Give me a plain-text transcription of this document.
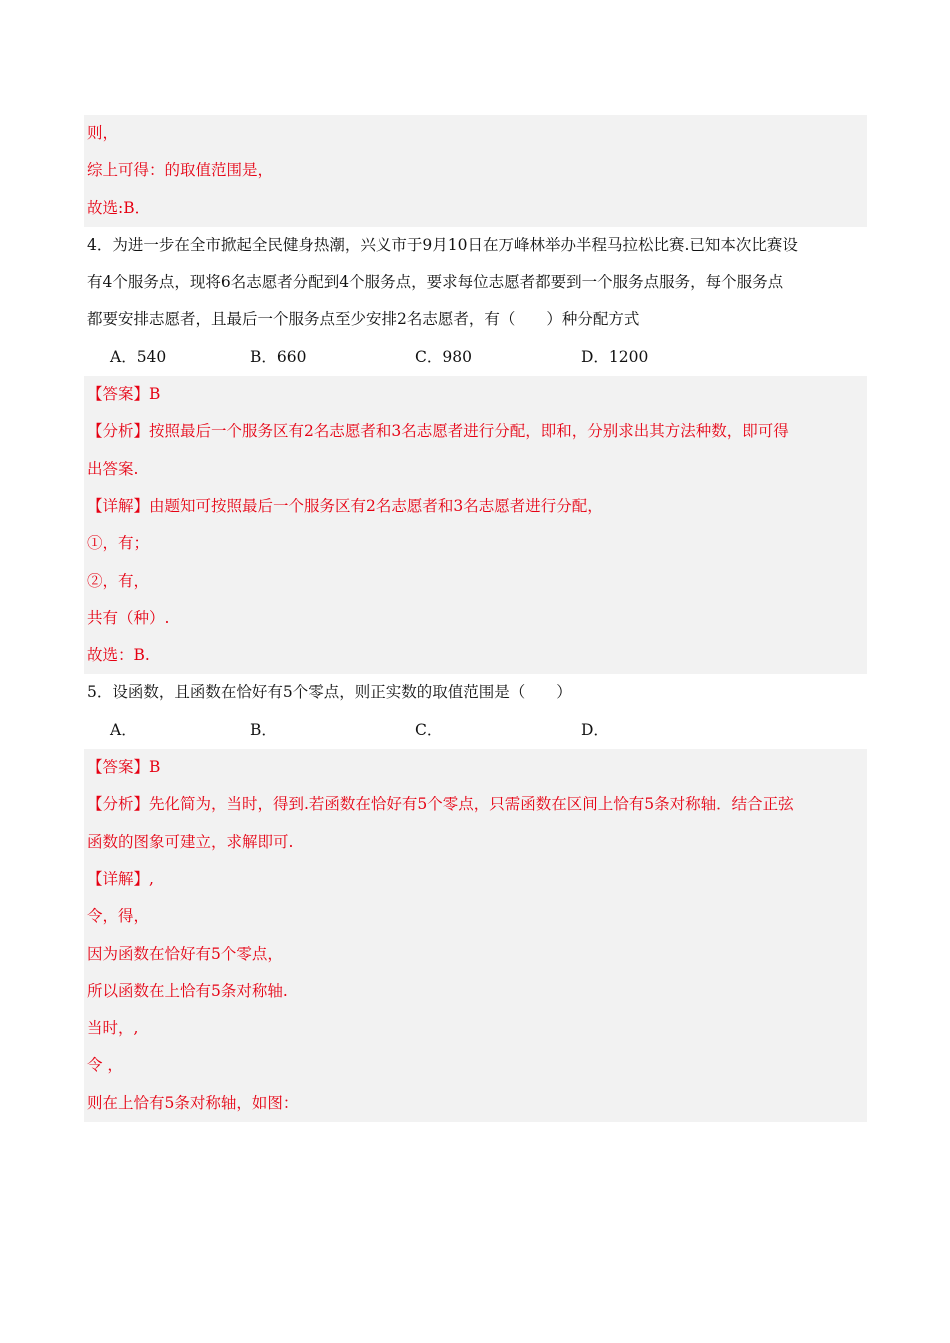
则，
综上可得：的取值范围是，
故选:B．
4．为进一步在全市掀起全民健身热潮，兴义市于9月10日在万峰林举办半程马拉松比赛.已知本次比赛设
有4个服务点，现将6名志愿者分配到4个服务点，要求每位志愿者都要到一个服务点服务，每个服务点
都要安排志愿者，且最后一个服务点至少安排2名志愿者，有（　　）种分配方式
A．540	B．660	C．980	D．1200
【答案】B
【分析】按照最后一个服务区有2名志愿者和3名志愿者进行分配，即和，分别求出其方法种数，即可得
出答案.
【详解】由题知可按照最后一个服务区有2名志愿者和3名志愿者进行分配，
①，有；
②，有，
共有（种）.
故选：B.
5．设函数，且函数在恰好有5个零点，则正实数的取值范围是（　　）
A．	B．	C．	D．
【答案】B
【分析】先化简为，当时，得到.若函数在恰好有5个零点，只需函数在区间上恰有5条对称轴．结合正弦
函数的图象可建立，求解即可.
【详解】,
令，得，
因为函数在恰好有5个零点，
所以函数在上恰有5条对称轴.
当时，,
令 ，
则在上恰有5条对称轴，如图：
